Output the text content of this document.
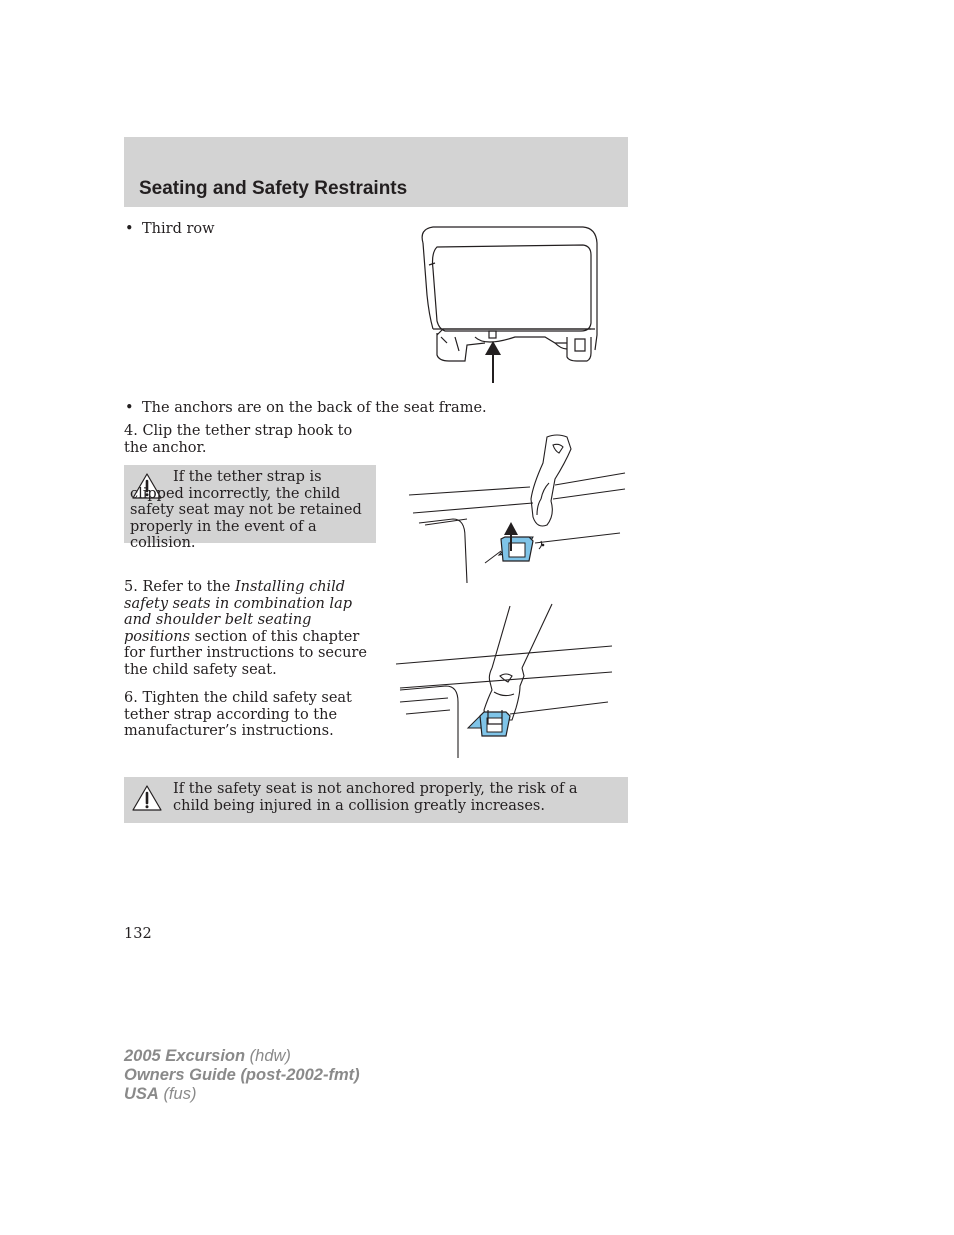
Seating and Safety Restraints
• Third row
• The anchors are on the back of the seat frame.
4. Clip the tether strap hook to the anchor.
If the tether strap is clipped incorrectly, the child safety seat may not be retained properly in the event of a collision.
5. Refer to the Installing child safety seats in combination lap and shoulder belt seating positions section of this chapter for further instructions to secure the child safety seat.
6. Tighten the child safety seat tether strap according to the manufacturer’s instructions.
If the safety seat is not anchored properly, the risk of a child being injured in a collision greatly increases.
132
2005 Excursion (hdw)
Owners Guide (post-2002-fmt)
USA (fus)
